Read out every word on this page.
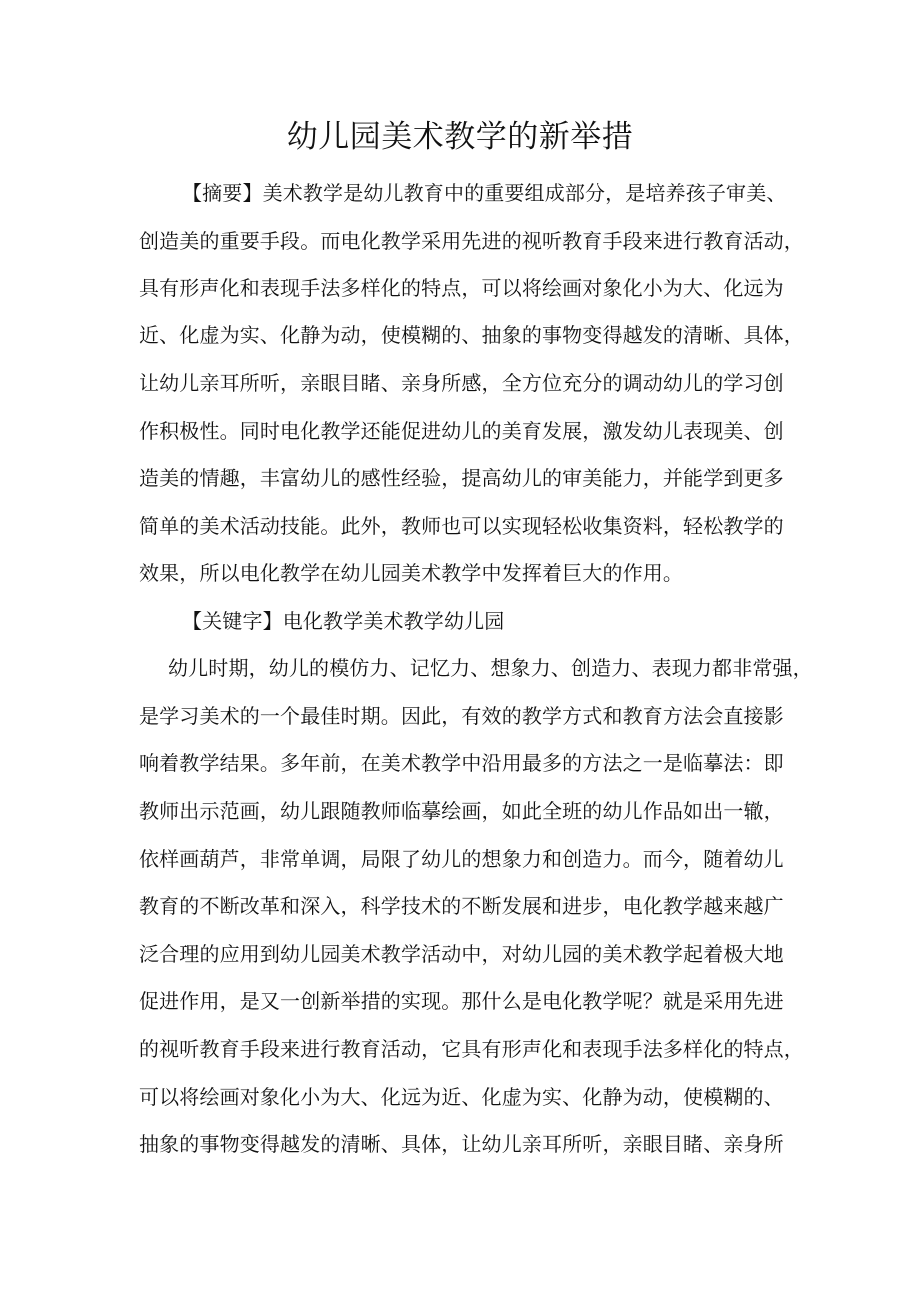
幼儿园美术教学的新举措
【摘要】美术教学是幼儿教育中的重要组成部分，是培养孩子审美、
创造美的重要手段。而电化教学采用先进的视听教育手段来进行教育活动，
具有形声化和表现手法多样化的特点，可以将绘画对象化小为大、化远为
近、化虚为实、化静为动，使模糊的、抽象的事物变得越发的清晰、具体，
让幼儿亲耳所听，亲眼目睹、亲身所感，全方位充分的调动幼儿的学习创
作积极性。同时电化教学还能促进幼儿的美育发展，激发幼儿表现美、创
造美的情趣，丰富幼儿的感性经验，提高幼儿的审美能力，并能学到更多
简单的美术活动技能。此外，教师也可以实现轻松收集资料，轻松教学的
效果，所以电化教学在幼儿园美术教学中发挥着巨大的作用。
【关键字】电化教学美术教学幼儿园
幼儿时期，幼儿的模仿力、记忆力、想象力、创造力、表现力都非常强，
是学习美术的一个最佳时期。因此，有效的教学方式和教育方法会直接影
响着教学结果。多年前，在美术教学中沿用最多的方法之一是临摹法：即
教师出示范画，幼儿跟随教师临摹绘画，如此全班的幼儿作品如出一辙，
依样画葫芦，非常单调，局限了幼儿的想象力和创造力。而今，随着幼儿
教育的不断改革和深入，科学技术的不断发展和进步，电化教学越来越广
泛合理的应用到幼儿园美术教学活动中，对幼儿园的美术教学起着极大地
促进作用，是又一创新举措的实现。那什么是电化教学呢？就是采用先进
的视听教育手段来进行教育活动，它具有形声化和表现手法多样化的特点，
可以将绘画对象化小为大、化远为近、化虚为实、化静为动，使模糊的、
抽象的事物变得越发的清晰、具体，让幼儿亲耳所听，亲眼目睹、亲身所
